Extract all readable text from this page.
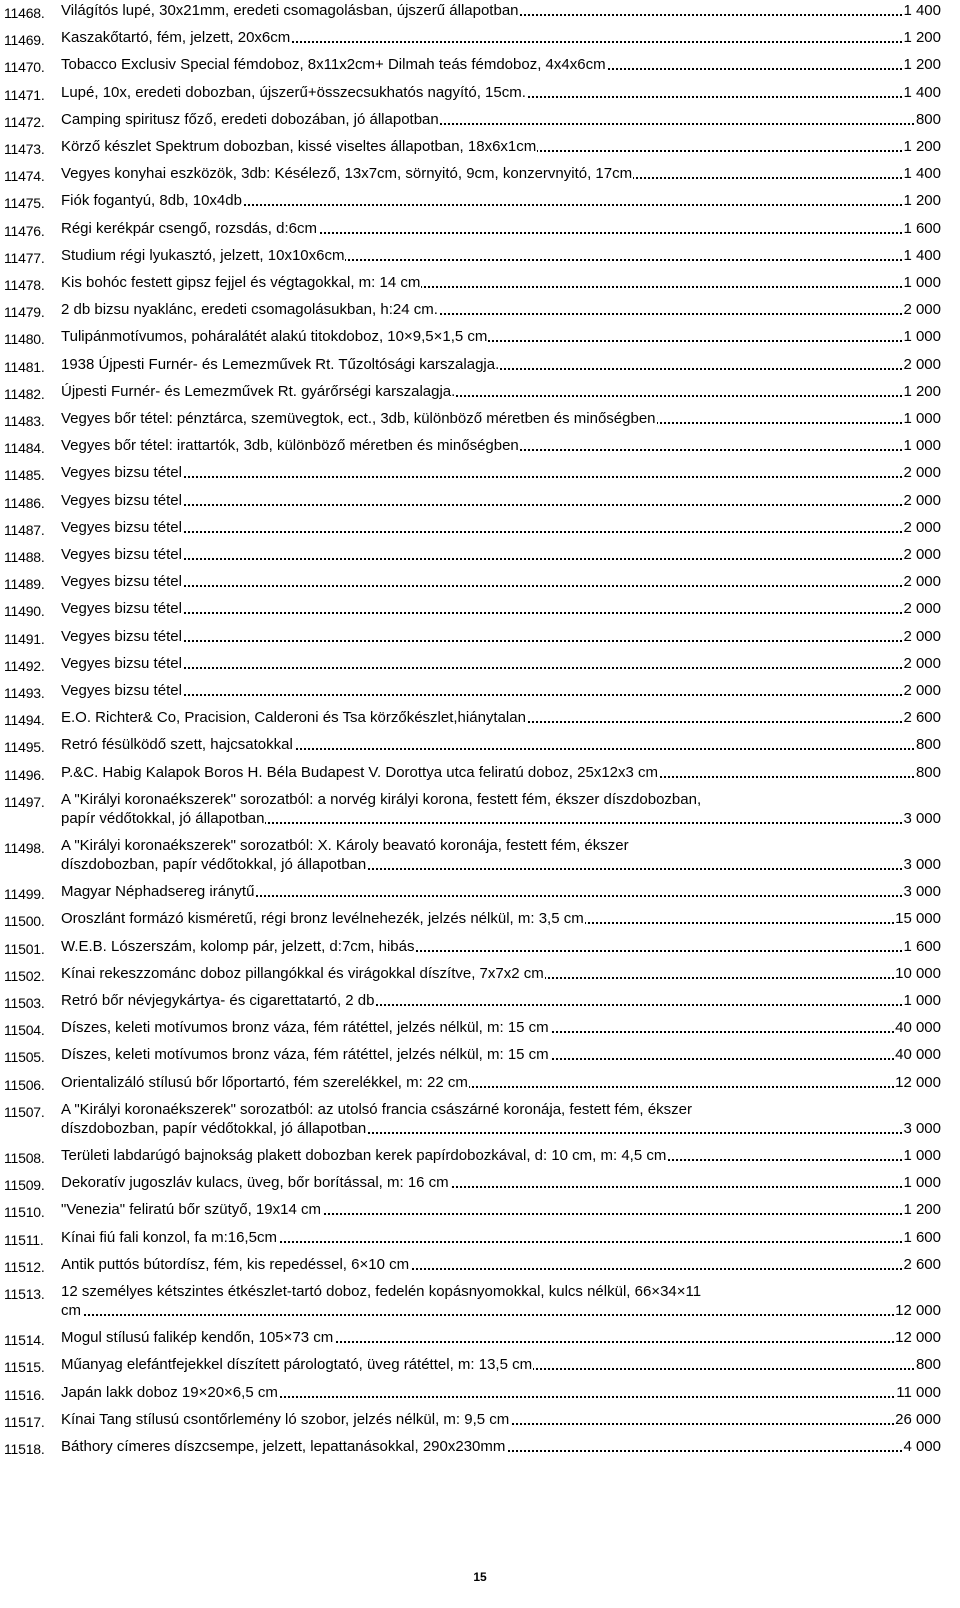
11468. Világítós lupé, 30x21mm, eredeti csomagolásban, újszerű állapotban	1 400
11469. Kaszakőtartó, fém, jelzett, 20x6cm	1 200
11470. Tobacco Exclusiv Special fémdoboz, 8x11x2cm+ Dilmah teás fémdoboz, 4x4x6cm	1 200
11471. Lupé, 10x, eredeti dobozban, újszerű+összecsukhatós nagyító, 15cm.	1 400
11472. Camping spiritusz főző, eredeti dobozában, jó állapotban	800
11473. Körző készlet Spektrum dobozban, kissé viseltes állapotban, 18x6x1cm	1 200
11474. Vegyes konyhai eszközök, 3db: Késélező, 13x7cm, sörnyitó, 9cm, konzervnyitó, 17cm	1 400
11475. Fiók fogantyú, 8db, 10x4db	1 200
11476. Régi kerékpár csengő, rozsdás, d:6cm	1 600
11477. Studium régi lyukasztó, jelzett, 10x10x6cm	1 400
11478. Kis bohóc festett gipsz fejjel és végtagokkal, m: 14 cm	1 000
11479. 2 db bizsu nyaklánc, eredeti csomagolásukban, h:24 cm.	2 000
11480. Tulipánmotívumos, poháralátét alakú titokdoboz, 10×9,5×1,5 cm	1 000
11481. 1938 Újpesti Furnér- és Lemezművek Rt. Tűzoltósági karszalagja.	2 000
11482. Újpesti Furnér- és Lemezművek Rt. gyárőrségi karszalagja.	1 200
11483. Vegyes bőr tétel: pénztárca, szemüvegtok, ect., 3db, különböző méretben és minőségben	1 000
11484. Vegyes bőr tétel: irattartók, 3db, különböző méretben és minőségben	1 000
11485. Vegyes bizsu tétel	2 000
11486. Vegyes bizsu tétel	2 000
11487. Vegyes bizsu tétel	2 000
11488. Vegyes bizsu tétel	2 000
11489. Vegyes bizsu tétel	2 000
11490. Vegyes bizsu tétel	2 000
11491. Vegyes bizsu tétel	2 000
11492. Vegyes bizsu tétel	2 000
11493. Vegyes bizsu tétel	2 000
11494. E.O. Richter& Co, Pracision, Calderoni és Tsa körzőkészlet,hiánytalan	2 600
11495. Retró fésülködő szett, hajcsatokkal	800
11496. P.&C. Habig Kalapok Boros H. Béla Budapest V. Dorottya utca feliratú doboz, 25x12x3 cm	800
11497. A "Királyi koronaékszerek" sorozatból: a norvég királyi korona, festett fém, ékszer díszdobozban,
papír védőtokkal, jó állapotban	3 000
11498. A "Királyi koronaékszerek" sorozatból: X. Károly beavató koronája, festett fém, ékszer
díszdobozban, papír védőtokkal, jó állapotban	3 000
11499. Magyar Néphadsereg iránytű	3 000
11500. Oroszlánt formázó kisméretű, régi bronz levélnehezék, jelzés nélkül, m: 3,5 cm	15 000
11501. W.E.B. Lószerszám, kolomp pár, jelzett, d:7cm, hibás	1 600
11502. Kínai rekeszzománc doboz pillangókkal és virágokkal díszítve, 7x7x2 cm	10 000
11503. Retró bőr névjegykártya- és cigarettatartó, 2 db	1 000
11504. Díszes, keleti motívumos bronz váza, fém rátéttel, jelzés nélkül, m: 15 cm	40 000
11505. Díszes, keleti motívumos bronz váza, fém rátéttel, jelzés nélkül, m: 15 cm	40 000
11506. Orientalizáló stílusú bőr lőportartó, fém szerelékkel, m: 22 cm	12 000
11507. A "Királyi koronaékszerek" sorozatból: az utolsó francia császárné koronája, festett fém, ékszer
díszdobozban, papír védőtokkal, jó állapotban	3 000
11508. Területi labdarúgó bajnokság plakett dobozban kerek papírdobozkával, d: 10 cm, m: 4,5 cm	1 000
11509. Dekoratív jugoszláv kulacs, üveg, bőr borítással, m: 16 cm	1 000
11510. "Venezia" feliratú bőr szütyő, 19x14 cm	1 200
11511. Kínai fiú fali konzol, fa m:16,5cm	1 600
11512. Antik puttós bútordísz, fém, kis repedéssel, 6×10 cm	2 600
11513. 12 személyes kétszintes étkészlet-tartó doboz, fedelén kopásnyomokkal, kulcs nélkül, 66×34×11
cm	12 000
11514. Mogul stílusú falikép kendőn, 105×73 cm	12 000
11515. Műanyag elefántfejekkel díszített párologtató, üveg rátéttel, m: 13,5 cm	800
11516. Japán lakk doboz 19×20×6,5 cm	11 000
11517. Kínai Tang stílusú csontőrlemény ló szobor, jelzés nélkül, m: 9,5 cm	26 000
11518. Báthory címeres díszcsempe, jelzett, lepattanásokkal, 290x230mm	4 000
15
